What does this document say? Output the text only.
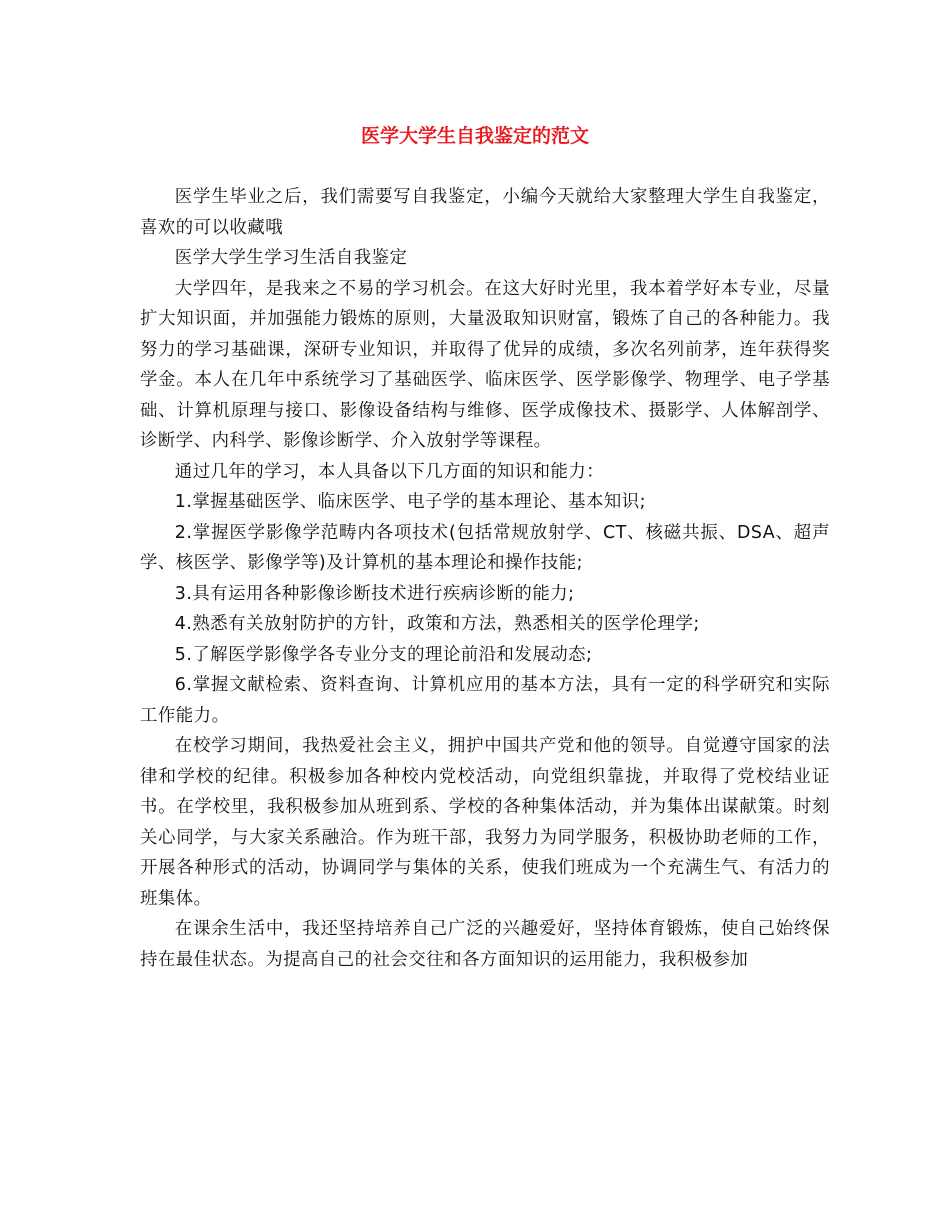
医学大学生自我鉴定的范文

医学生毕业之后，我们需要写自我鉴定，小编今天就给大家整理大学生自我鉴定，喜欢的可以收藏哦

医学大学生学习生活自我鉴定

大学四年，是我来之不易的学习机会。在这大好时光里，我本着学好本专业，尽量扩大知识面，并加强能力锻炼的原则，大量汲取知识财富，锻炼了自己的各种能力。我努力的学习基础课，深研专业知识，并取得了优异的成绩，多次名列前茅，连年获得奖学金。本人在几年中系统学习了基础医学、临床医学、医学影像学、物理学、电子学基础、计算机原理与接口、影像设备结构与维修、医学成像技术、摄影学、人体解剖学、诊断学、内科学、影像诊断学、介入放射学等课程。

通过几年的学习，本人具备以下几方面的知识和能力：

1.掌握基础医学、临床医学、电子学的基本理论、基本知识;

2.掌握医学影像学范畴内各项技术(包括常规放射学、CT、核磁共振、DSA、超声学、核医学、影像学等)及计算机的基本理论和操作技能;

3.具有运用各种影像诊断技术进行疾病诊断的能力;

4.熟悉有关放射防护的方针，政策和方法，熟悉相关的医学伦理学;

5.了解医学影像学各专业分支的理论前沿和发展动态;

6.掌握文献检索、资料查询、计算机应用的基本方法，具有一定的科学研究和实际工作能力。

在校学习期间，我热爱社会主义，拥护中国共产党和他的领导。自觉遵守国家的法律和学校的纪律。积极参加各种校内党校活动，向党组织靠拢，并取得了党校结业证书。在学校里，我积极参加从班到系、学校的各种集体活动，并为集体出谋献策。时刻关心同学，与大家关系融洽。作为班干部，我努力为同学服务，积极协助老师的工作，开展各种形式的活动，协调同学与集体的关系，使我们班成为一个充满生气、有活力的班集体。

在课余生活中，我还坚持培养自己广泛的兴趣爱好，坚持体育锻炼，使自己始终保持在最佳状态。为提高自己的社会交往和各方面知识的运用能力，我积极参加
